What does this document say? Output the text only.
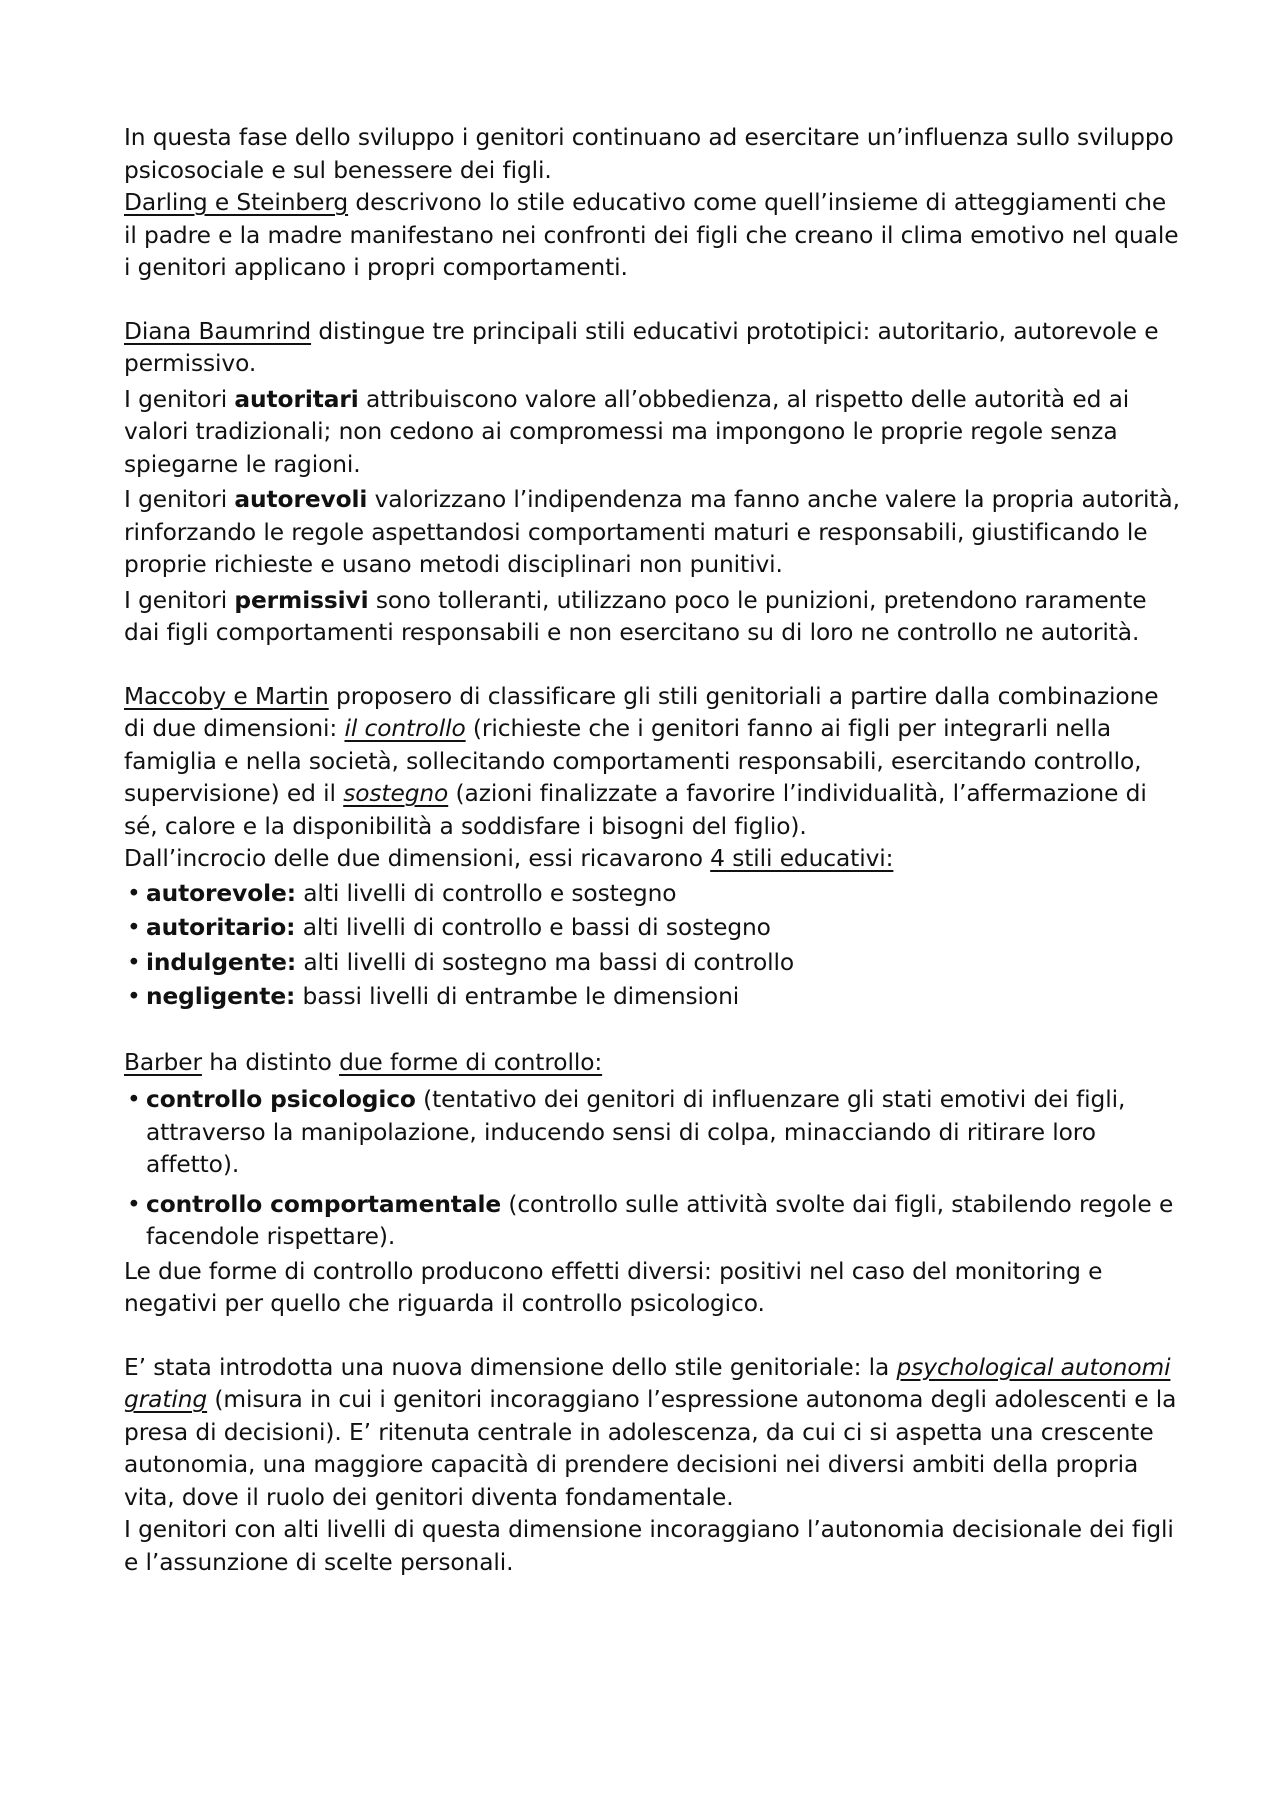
In questa fase dello sviluppo i genitori continuano ad esercitare un’influenza sullo sviluppo psicosociale e sul benessere dei figli.

Darling e Steinberg descrivono lo stile educativo come quell’insieme di atteggiamenti che il padre e la madre manifestano nei confronti dei figli che creano il clima emotivo nel quale i genitori applicano i propri comportamenti.

Diana Baumrind distingue tre principali stili educativi prototipici: autoritario, autorevole e permissivo.

I genitori autoritari attribuiscono valore all’obbedienza, al rispetto delle autorità ed ai valori tradizionali; non cedono ai compromessi ma impongono le proprie regole senza spiegarne le ragioni.

I genitori autorevoli valorizzano l’indipendenza ma fanno anche valere la propria autorità, rinforzando le regole aspettandosi comportamenti maturi e responsabili, giustificando le proprie richieste e usano metodi disciplinari non punitivi.

I genitori permissivi sono tolleranti, utilizzano poco le punizioni, pretendono raramente dai figli comportamenti responsabili e non esercitano su di loro ne controllo ne autorità.

Maccoby e Martin proposero di classificare gli stili genitoriali a partire dalla combinazione di due dimensioni: il controllo (richieste che i genitori fanno ai figli per integrarli nella famiglia e nella società, sollecitando comportamenti responsabili, esercitando controllo, supervisione) ed il sostegno (azioni finalizzate a favorire l’individualità, l’affermazione di sé, calore e la disponibilità a soddisfare i bisogni del figlio).

Dall’incrocio delle due dimensioni, essi ricavarono 4 stili educativi:

• autorevole: alti livelli di controllo e sostegno

• autoritario: alti livelli di controllo e bassi di sostegno

• indulgente: alti livelli di sostegno ma bassi di controllo

• negligente: bassi livelli di entrambe le dimensioni

Barber ha distinto due forme di controllo:

• controllo psicologico (tentativo dei genitori di influenzare gli stati emotivi dei figli, attraverso la manipolazione, inducendo sensi di colpa, minacciando di ritirare loro affetto).

• controllo comportamentale (controllo sulle attività svolte dai figli, stabilendo regole e facendole rispettare).

Le due forme di controllo producono effetti diversi: positivi nel caso del monitoring e negativi per quello che riguarda il controllo psicologico.

E’ stata introdotta una nuova dimensione dello stile genitoriale: la psychological autonomi grating (misura in cui i genitori incoraggiano l’espressione autonoma degli adolescenti e la presa di decisioni). E’ ritenuta centrale in adolescenza, da cui ci si aspetta una crescente autonomia, una maggiore capacità di prendere decisioni nei diversi ambiti della propria vita, dove il ruolo dei genitori diventa fondamentale.

I genitori con alti livelli di questa dimensione incoraggiano l’autonomia decisionale dei figli e l’assunzione di scelte personali.
